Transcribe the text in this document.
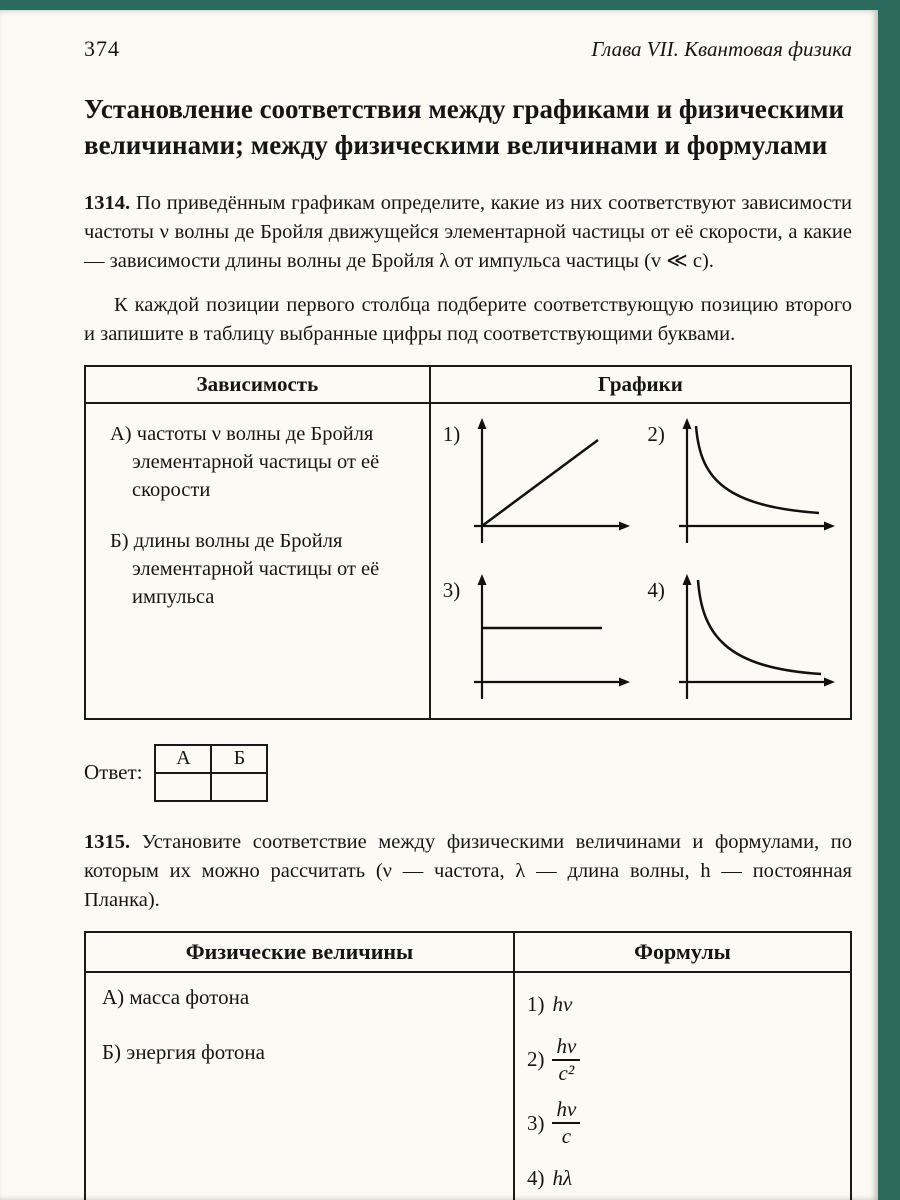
374	Глава VII. Квантовая физика
Установление соответствия между графиками и физическими величинами; между физическими величинами и формулами

1314. По приведённым графикам определите, какие из них соответствуют зависимости частоты ν волны де Бройля движущейся элементарной частицы от её скорости, а какие — зависимости длины волны де Бройля λ от импульса частицы (v ≪ c).

К каждой позиции первого столбца подберите соответствующую позицию второго и запишите в таблицу выбранные цифры под соответствующими буквами.

Зависимость	Графики

А) частоты ν волны де Бройля элементарной частицы от её скорости
Б) длины волны де Бройля элементарной частицы от её импульса

1)	2)
3)	4)
Ответ:
А	Б

1315. Установите соответствие между физическими величинами и формулами, по которым их можно рассчитать (ν — частота, λ — длина волны, h — постоянная Планка).

Физические величины	Формулы

А) масса фотона
Б) энергия фотона

1) hν
$2) \frac{h\nu}{\text{c²}}$
$3) \frac{h\nu}{c}$
4) hλ
